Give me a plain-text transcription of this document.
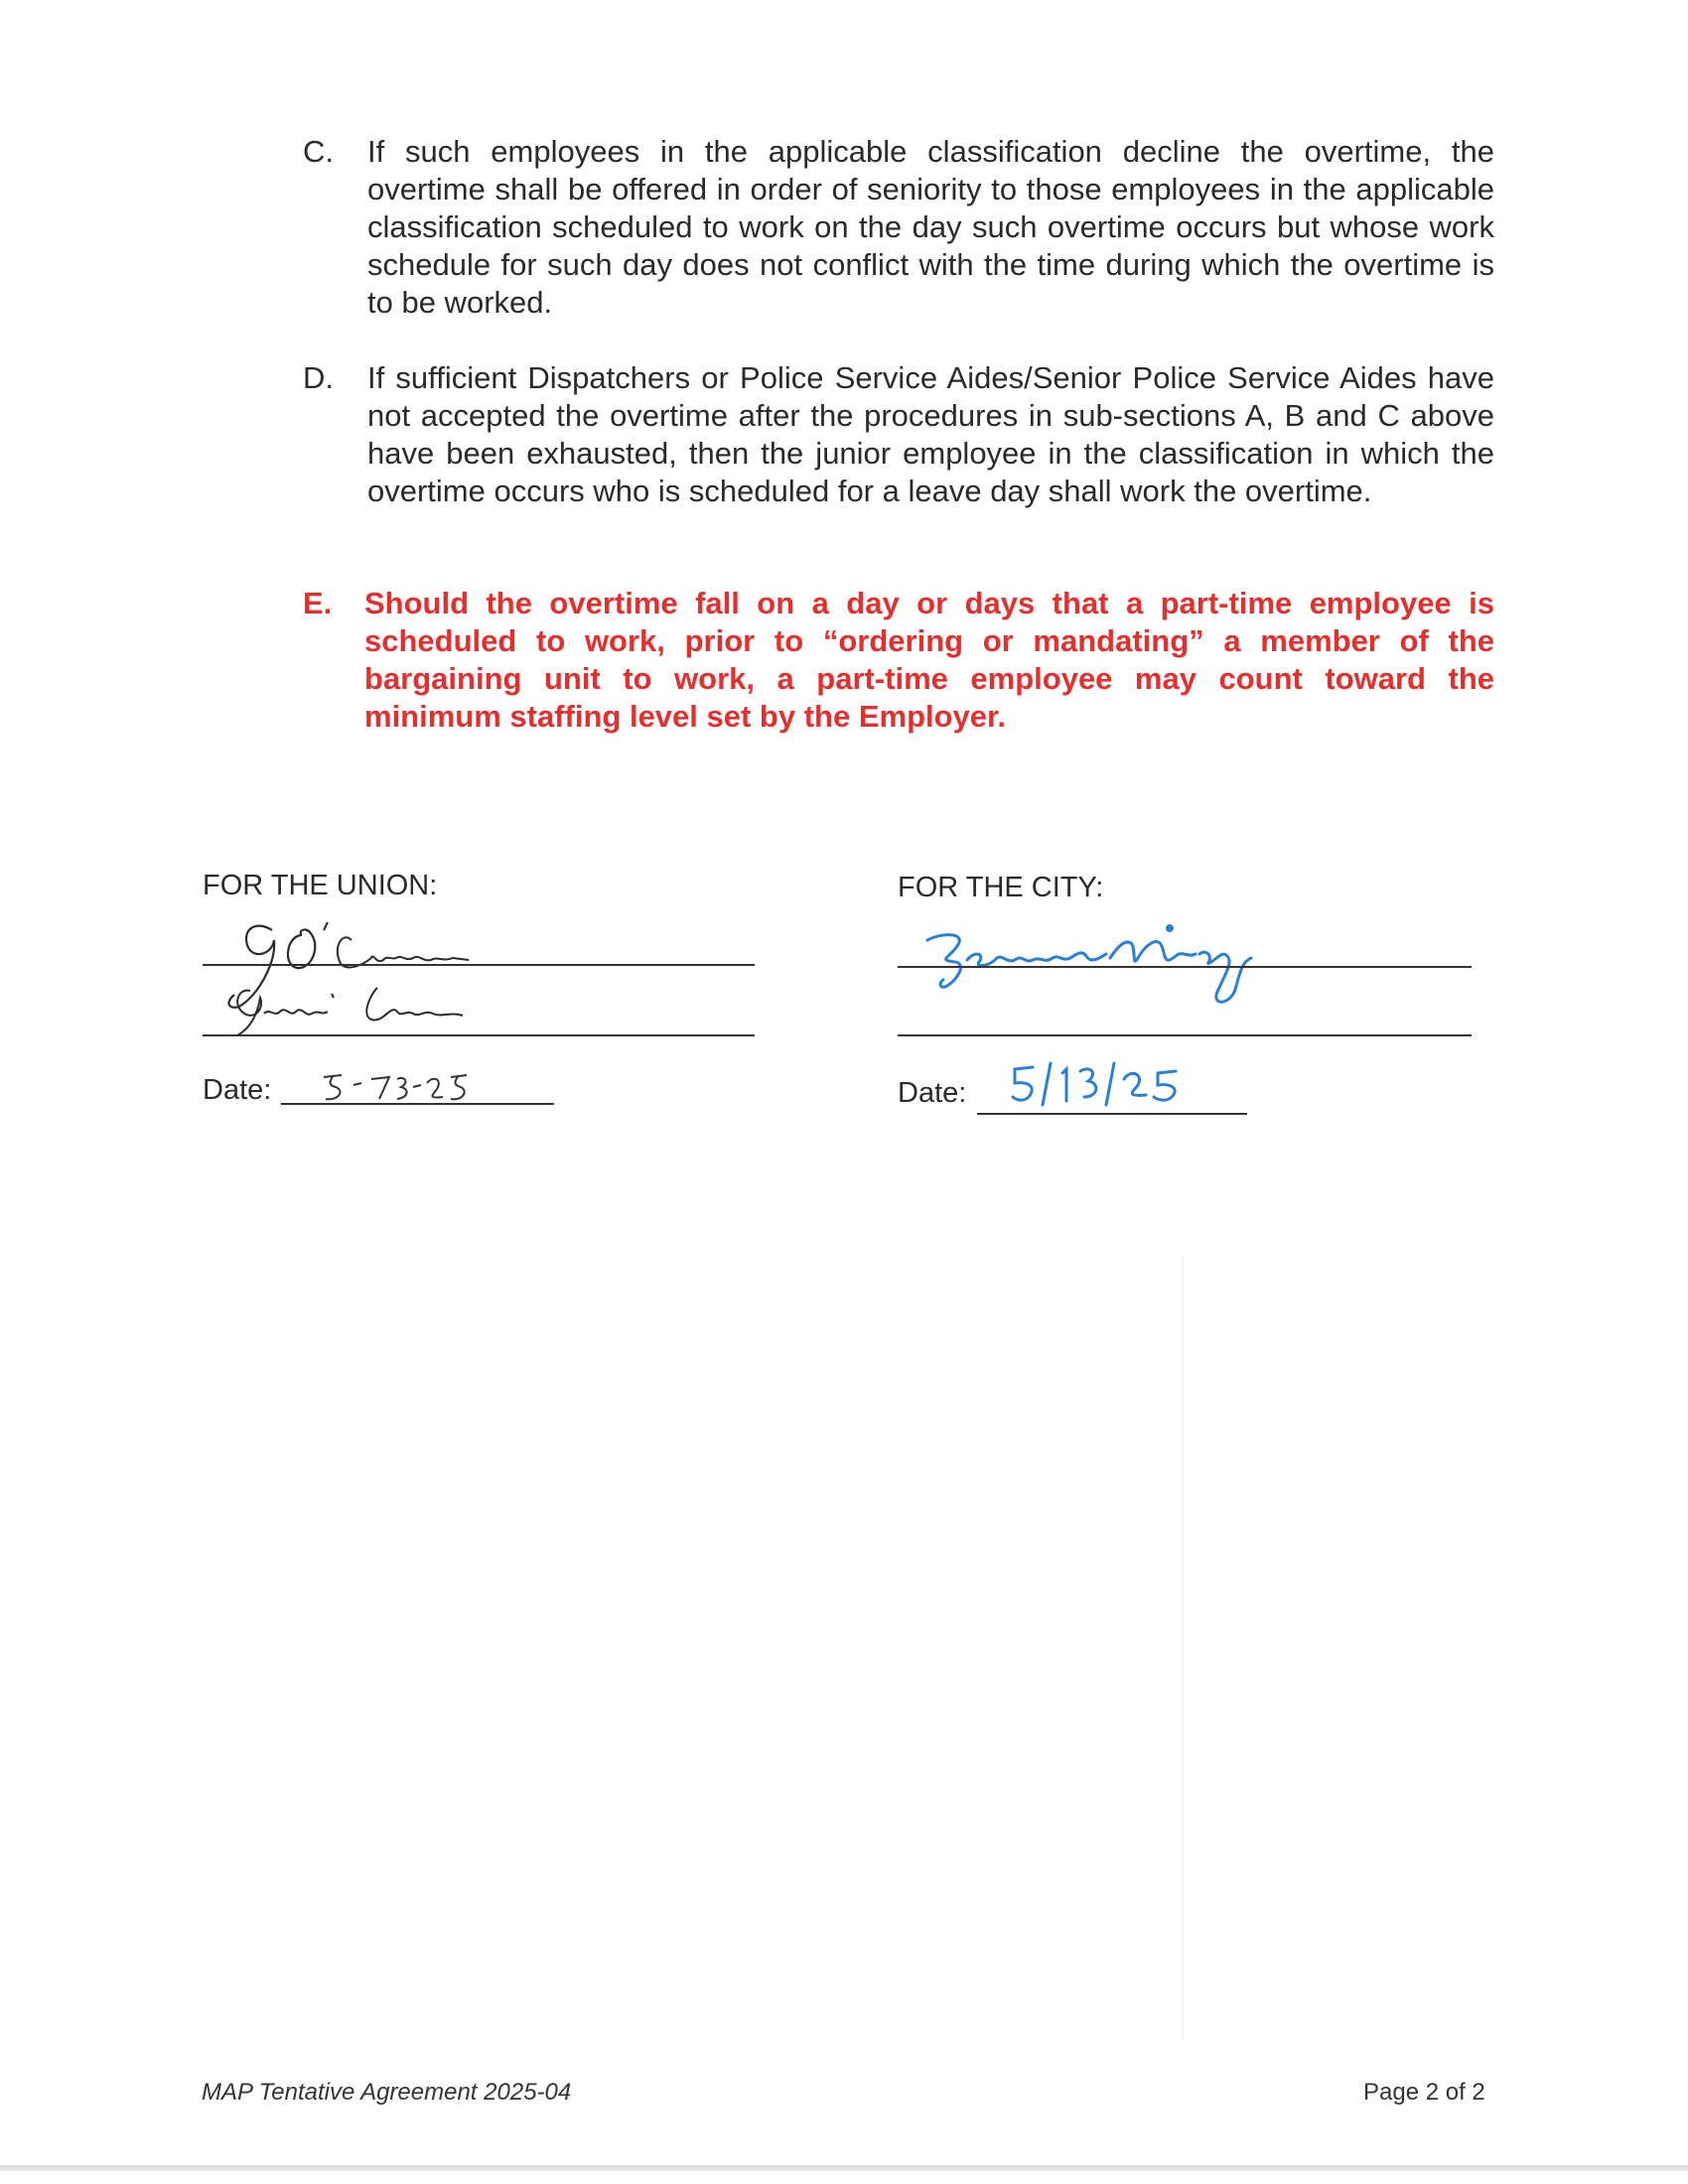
C. If such employees in the applicable classification decline the overtime, the overtime shall be offered in order of seniority to those employees in the applicable classification scheduled to work on the day such overtime occurs but whose work schedule for such day does not conflict with the time during which the overtime is to be worked.
D. If sufficient Dispatchers or Police Service Aides/Senior Police Service Aides have not accepted the overtime after the procedures in sub-sections A, B and C above have been exhausted, then the junior employee in the classification in which the overtime occurs who is scheduled for a leave day shall work the overtime.
E. Should the overtime fall on a day or days that a part-time employee is scheduled to work, prior to “ordering or mandating” a member of the bargaining unit to work, a part-time employee may count toward the minimum staffing level set by the Employer.
FOR THE UNION:
Date:
FOR THE CITY:
Date:
MAP Tentative Agreement 2025-04	Page 2 of 2
